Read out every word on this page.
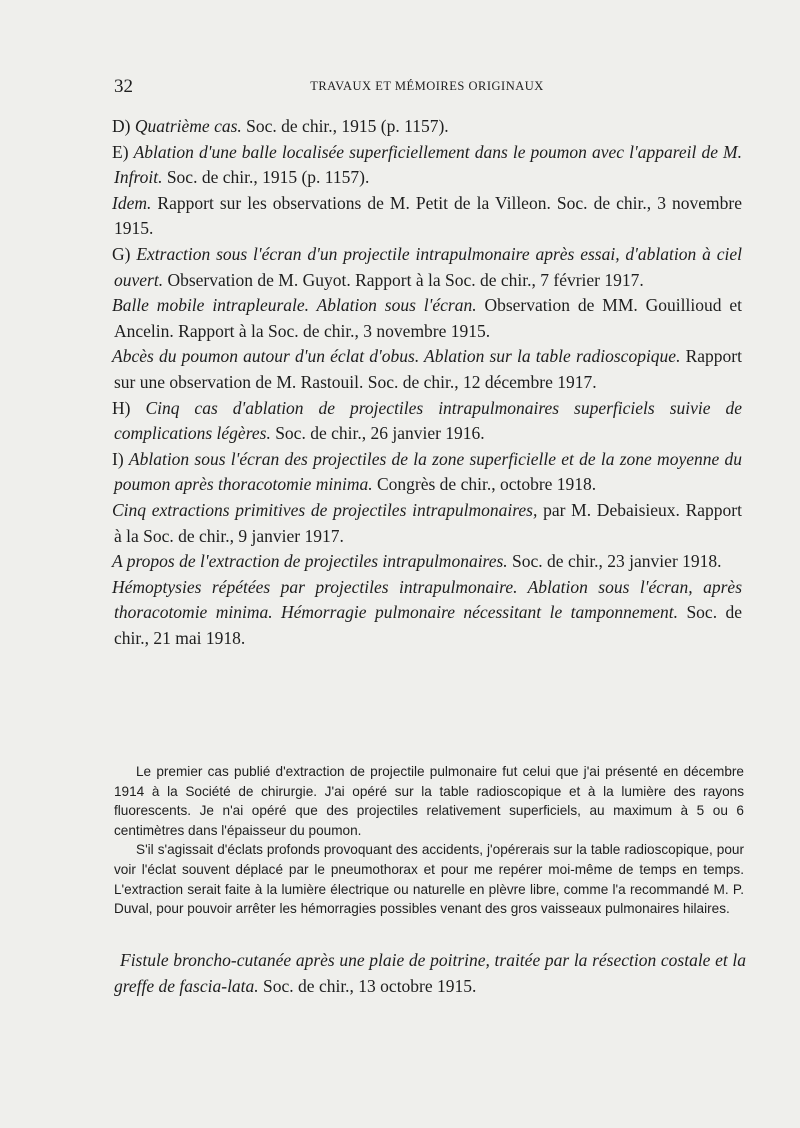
32	TRAVAUX ET MÉMOIRES ORIGINAUX

D) Quatrième cas. Soc. de chir., 1915 (p. 1157).

E) Ablation d'une balle localisée superficiellement dans le poumon avec l'appareil de M. Infroit. Soc. de chir., 1915 (p. 1157).

Idem. Rapport sur les observations de M. Petit de la Villeon. Soc. de chir., 3 novembre 1915.

G) Extraction sous l'écran d'un projectile intrapulmonaire après essai, d'ablation à ciel ouvert. Observation de M. Guyot. Rapport à la Soc. de chir., 7 février 1917.

Balle mobile intrapleurale. Ablation sous l'écran. Observation de MM. Gouillioud et Ancelin. Rapport à la Soc. de chir., 3 novembre 1915.

Abcès du poumon autour d'un éclat d'obus. Ablation sur la table radioscopique. Rapport sur une observation de M. Rastouil. Soc. de chir., 12 décembre 1917.

H) Cinq cas d'ablation de projectiles intrapulmonaires superficiels suivie de complications légères. Soc. de chir., 26 janvier 1916.

I) Ablation sous l'écran des projectiles de la zone superficielle et de la zone moyenne du poumon après thoracotomie minima. Congrès de chir., octobre 1918.

Cinq extractions primitives de projectiles intrapulmonaires, par M. Debaisieux. Rapport à la Soc. de chir., 9 janvier 1917.

A propos de l'extraction de projectiles intrapulmonaires. Soc. de chir., 23 janvier 1918.

Hémoptysies répétées par projectiles intrapulmonaire. Ablation sous l'écran, après thoracotomie minima. Hémorragie pulmonaire nécessitant le tamponnement. Soc. de chir., 21 mai 1918.

Le premier cas publié d'extraction de projectile pulmonaire fut celui que j'ai présenté en décembre 1914 à la Société de chirurgie. J'ai opéré sur la table radioscopique et à la lumière des rayons fluorescents. Je n'ai opéré que des projectiles relativement superficiels, au maximum à 5 ou 6 centimètres dans l'épaisseur du poumon.

S'il s'agissait d'éclats profonds provoquant des accidents, j'opérerais sur la table radioscopique, pour voir l'éclat souvent déplacé par le pneumothorax et pour me repérer moi-même de temps en temps. L'extraction serait faite à la lumière électrique ou naturelle en plèvre libre, comme l'a recommandé M. P. Duval, pour pouvoir arrêter les hémorragies possibles venant des gros vaisseaux pulmonaires hilaires.

Fistule broncho-cutanée après une plaie de poitrine, traitée par la résection costale et la greffe de fascia-lata. Soc. de chir., 13 octobre 1915.
